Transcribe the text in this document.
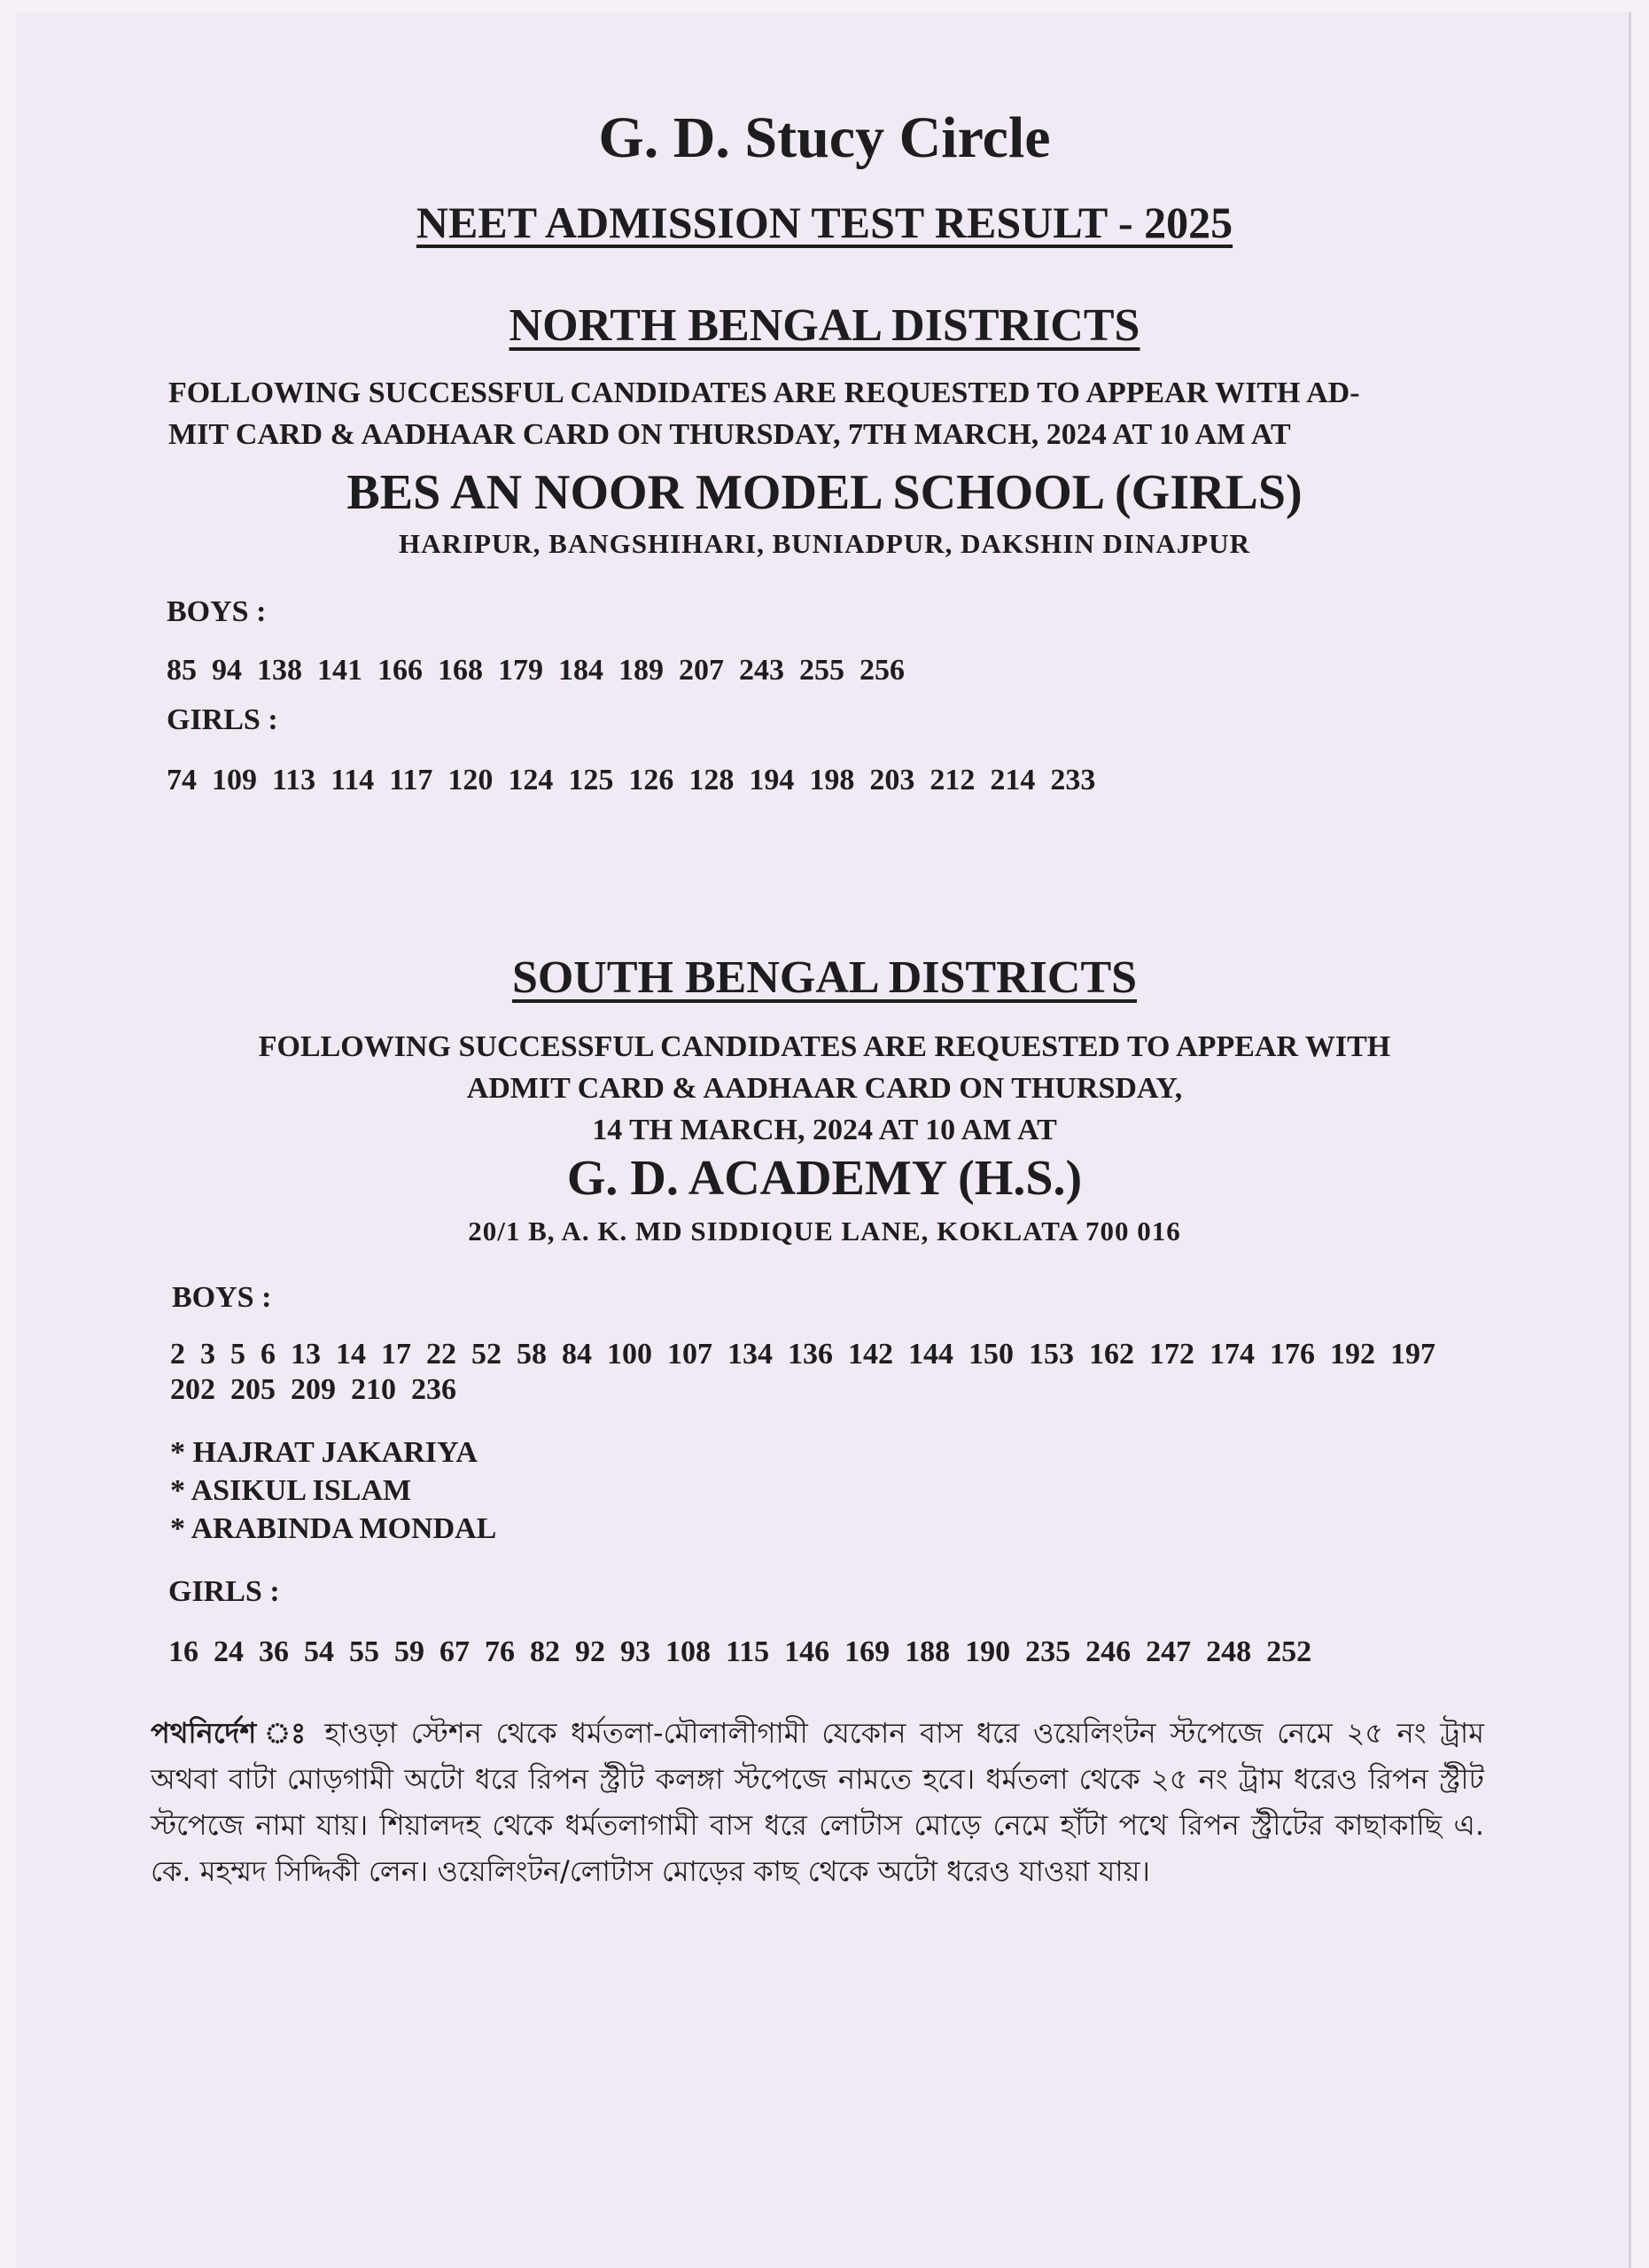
G. D. Stucy Circle
NEET ADMISSION TEST RESULT - 2025
NORTH BENGAL DISTRICTS
FOLLOWING SUCCESSFUL CANDIDATES ARE REQUESTED TO APPEAR WITH AD-
MIT CARD & AADHAAR CARD ON THURSDAY, 7TH MARCH, 2024 AT 10 AM AT
BES AN NOOR MODEL SCHOOL (GIRLS)
HARIPUR, BANGSHIHARI, BUNIADPUR, DAKSHIN DINAJPUR
BOYS :
85 94 138 141 166 168 179 184 189 207 243 255 256
GIRLS :
74 109 113 114 117 120 124 125 126 128 194 198 203 212 214 233
SOUTH BENGAL DISTRICTS
FOLLOWING SUCCESSFUL CANDIDATES ARE REQUESTED TO APPEAR WITH
ADMIT CARD & AADHAAR CARD ON THURSDAY,
14 TH MARCH, 2024 AT 10 AM AT
G. D. ACADEMY (H.S.)
20/1 B, A. K. MD SIDDIQUE LANE, KOKLATA 700 016
BOYS :
2 3 5 6 13 14 17 22 52 58 84 100 107 134 136 142 144 150 153 162 172 174 176 192 197
202 205 209 210 236
* HAJRAT JAKARIYA
* ASIKUL ISLAM
* ARABINDA MONDAL
GIRLS :
16 24 36 54 55 59 67 76 82 92 93 108 115 146 169 188 190 235 246 247 248 252
পথনির্দেশ ঃ হাওড়া স্টেশন থেকে ধর্মতলা-মৌলালীগামী যেকোন বাস ধরে ওয়েলিংটন স্টপেজে নেমে ২৫ নং ট্রাম অথবা বাটা মোড়গামী অটো ধরে রিপন স্ট্রীট কলঙ্গা স্টপেজে নামতে হবে। ধর্মতলা থেকে ২৫ নং ট্রাম ধরেও রিপন স্ট্রীট স্টপেজে নামা যায়। শিয়ালদহ থেকে ধর্মতলাগামী বাস ধরে লোটাস মোড়ে নেমে হাঁটা পথে রিপন স্ট্রীটের কাছাকাছি এ. কে. মহম্মদ সিদ্দিকী লেন। ওয়েলিংটন/লোটাস মোড়ের কাছ থেকে অটো ধরেও যাওয়া যায়।
